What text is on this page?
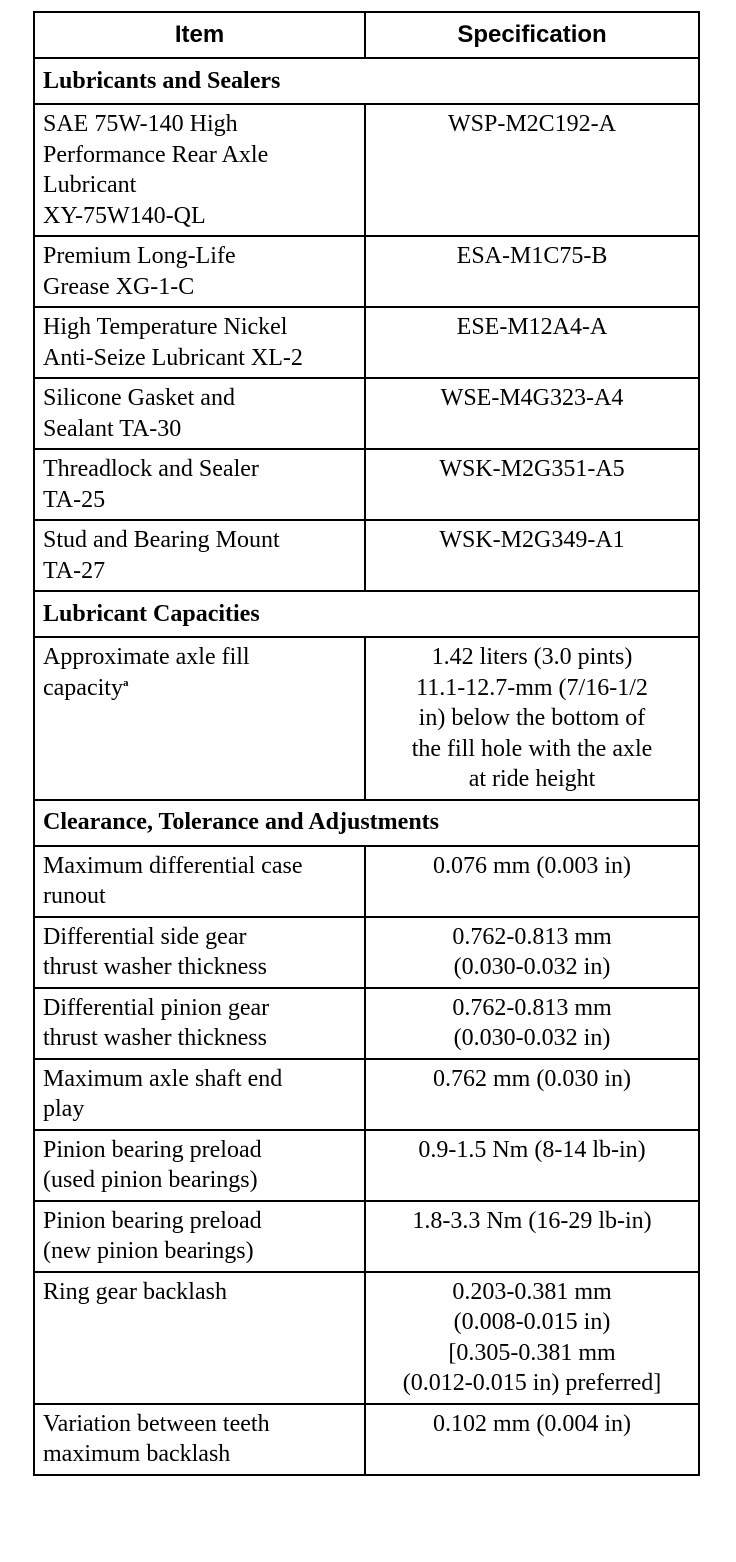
Item	Specification
Lubricants and Sealers	

SAE 75W-140 High
Performance Rear Axle
Lubricant
XY-75W140-QL	WSP-M2C192-A

Premium Long-Life
Grease XG-1-C	ESA-M1C75-B

High Temperature Nickel
Anti-Seize Lubricant XL-2	ESE-M12A4-A

Silicone Gasket and
Sealant TA-30	WSE-M4G323-A4

Threadlock and Sealer
TA-25	WSK-M2G351-A5

Stud and Bearing Mount
TA-27	WSK-M2G349-A1

Lubricant Capacities	

Approximate axle fill
capacity$^a$	1.42 liters (3.0 pints)
11.1-12.7-mm (7/16-1/2
in) below the bottom of
the fill hole with the axle
at ride height

Clearance, Tolerance and Adjustments	

Maximum differential case
runout	0.076 mm (0.003 in)

Differential side gear
thrust washer thickness	0.762-0.813 mm
(0.030-0.032 in)

Differential pinion gear
thrust washer thickness	0.762-0.813 mm
(0.030-0.032 in)

Maximum axle shaft end
play	0.762 mm (0.030 in)

Pinion bearing preload
(used pinion bearings)	0.9-1.5 Nm (8-14 lb-in)

Pinion bearing preload
(new pinion bearings)	1.8-3.3 Nm (16-29 lb-in)

Ring gear backlash	0.203-0.381 mm
(0.008-0.015 in)
[0.305-0.381 mm
(0.012-0.015 in) preferred]

Variation between teeth
maximum backlash	0.102 mm (0.004 in)
